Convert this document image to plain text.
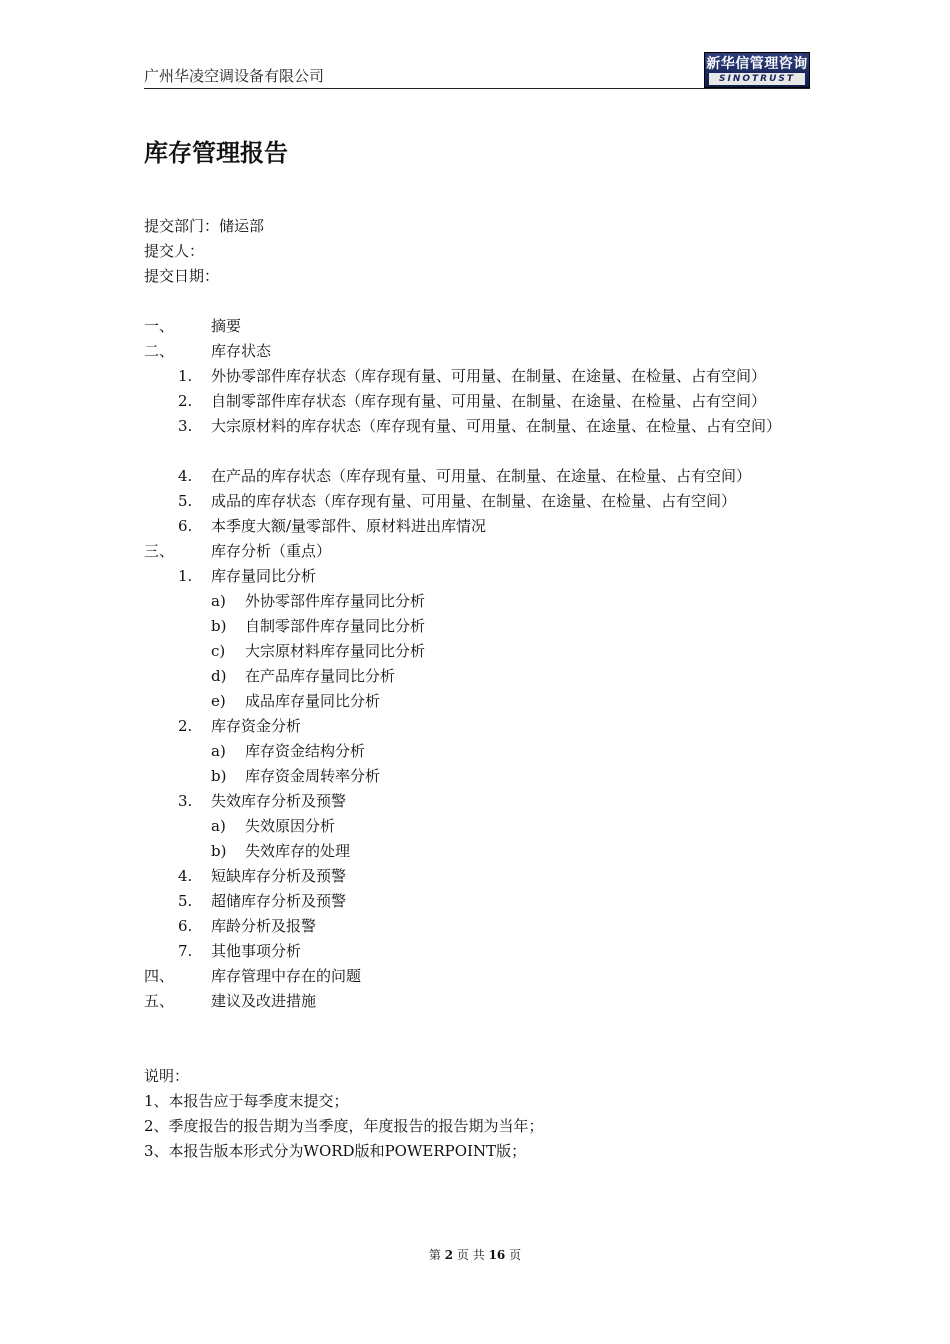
广州华凌空调设备有限公司
新华信管理咨询
SINOTRUST
库存管理报告
提交部门：储运部
提交人：
提交日期：
一、 摘要
二、 库存状态
1. 外协零部件库存状态（库存现有量、可用量、在制量、在途量、在检量、占有空间）
2. 自制零部件库存状态（库存现有量、可用量、在制量、在途量、在检量、占有空间）
3. 大宗原材料的库存状态（库存现有量、可用量、在制量、在途量、在检量、占有空间）
4. 在产品的库存状态（库存现有量、可用量、在制量、在途量、在检量、占有空间）
5. 成品的库存状态（库存现有量、可用量、在制量、在途量、在检量、占有空间）
6. 本季度大额/量零部件、原材料进出库情况
三、 库存分析（重点）
1. 库存量同比分析
a) 外协零部件库存量同比分析
b) 自制零部件库存量同比分析
c) 大宗原材料库存量同比分析
d) 在产品库存量同比分析
e) 成品库存量同比分析
2. 库存资金分析
a) 库存资金结构分析
b) 库存资金周转率分析
3. 失效库存分析及预警
a) 失效原因分析
b) 失效库存的处理
4. 短缺库存分析及预警
5. 超储库存分析及预警
6. 库龄分析及报警
7. 其他事项分析
四、 库存管理中存在的问题
五、 建议及改进措施
说明：
1、本报告应于每季度末提交；
2、季度报告的报告期为当季度，年度报告的报告期为当年；
3、本报告版本形式分为WORD版和POWERPOINT版；
第 2 页 共 16 页
